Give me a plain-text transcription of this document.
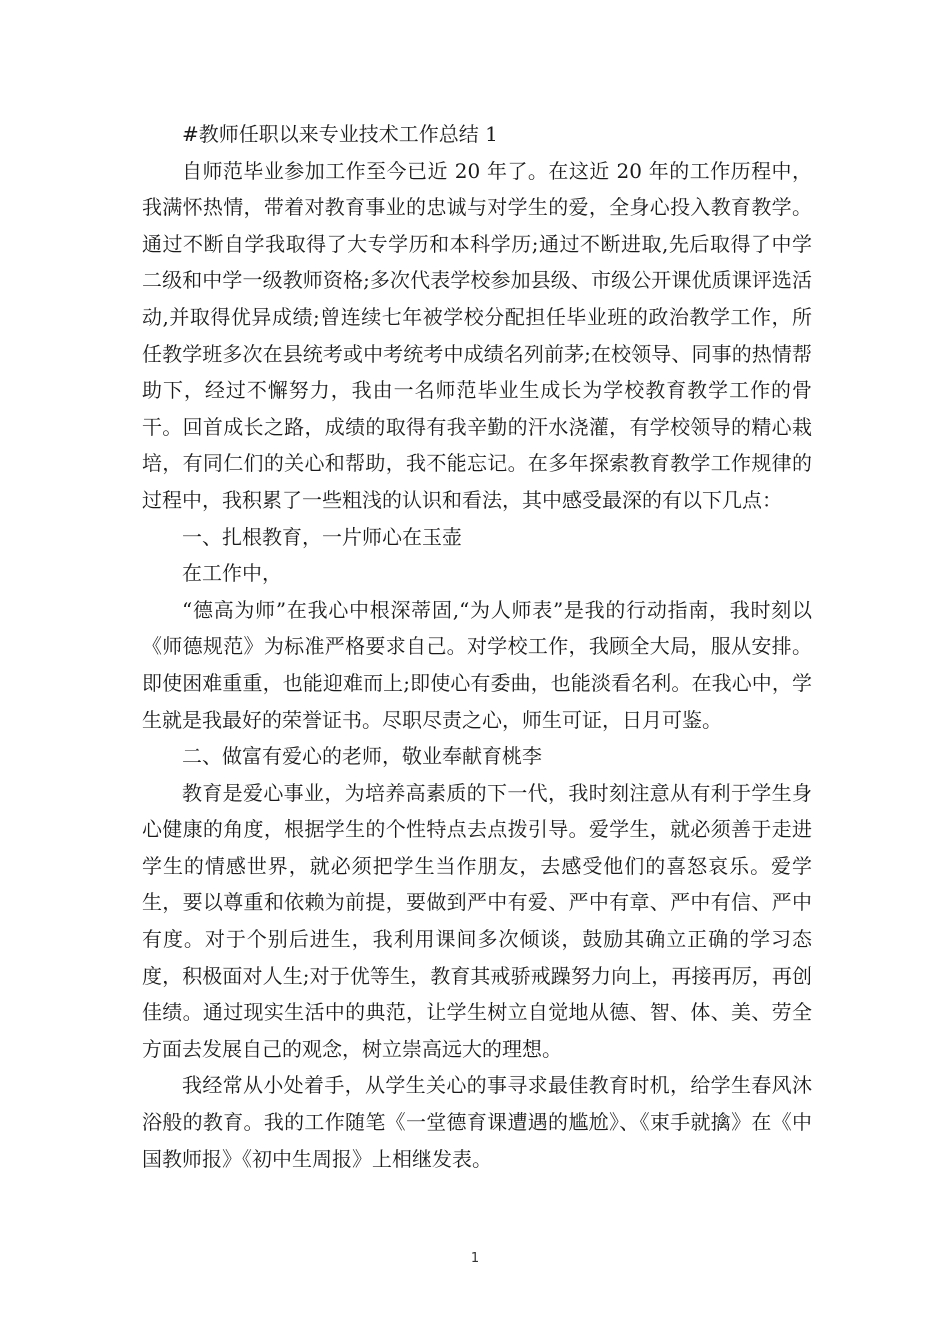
#教师任职以来专业技术工作总结 1

自师范毕业参加工作至今已近 20 年了。在这近 20 年的工作历程中，我满怀热情，带着对教育事业的忠诚与对学生的爱，全身心投入教育教学。通过不断自学我取得了大专学历和本科学历;通过不断进取,先后取得了中学二级和中学一级教师资格;多次代表学校参加县级、市级公开课优质课评选活动,并取得优异成绩;曾连续七年被学校分配担任毕业班的政治教学工作，所任教学班多次在县统考或中考统考中成绩名列前茅;在校领导、同事的热情帮助下，经过不懈努力，我由一名师范毕业生成长为学校教育教学工作的骨干。回首成长之路，成绩的取得有我辛勤的汗水浇灌，有学校领导的精心栽培，有同仁们的关心和帮助，我不能忘记。在多年探索教育教学工作规律的过程中，我积累了一些粗浅的认识和看法，其中感受最深的有以下几点：

一、扎根教育，一片师心在玉壶

在工作中，

“德高为师”在我心中根深蒂固,“为人师表”是我的行动指南，我时刻以《师德规范》为标准严格要求自己。对学校工作，我顾全大局，服从安排。即使困难重重，也能迎难而上;即使心有委曲，也能淡看名利。在我心中，学生就是我最好的荣誉证书。尽职尽责之心，师生可证，日月可鉴。

二、做富有爱心的老师，敬业奉献育桃李

教育是爱心事业，为培养高素质的下一代，我时刻注意从有利于学生身心健康的角度，根据学生的个性特点去点拨引导。爱学生，就必须善于走进学生的情感世界，就必须把学生当作朋友，去感受他们的喜怒哀乐。爱学生，要以尊重和依赖为前提，要做到严中有爱、严中有章、严中有信、严中有度。对于个别后进生，我利用课间多次倾谈，鼓励其确立正确的学习态度，积极面对人生;对于优等生，教育其戒骄戒躁努力向上，再接再厉，再创佳绩。通过现实生活中的典范，让学生树立自觉地从德、智、体、美、劳全方面去发展自己的观念，树立崇高远大的理想。

我经常从小处着手，从学生关心的事寻求最佳教育时机，给学生春风沐浴般的教育。我的工作随笔《一堂德育课遭遇的尴尬》、《束手就擒》在《中国教师报》《初中生周报》上相继发表。

1
